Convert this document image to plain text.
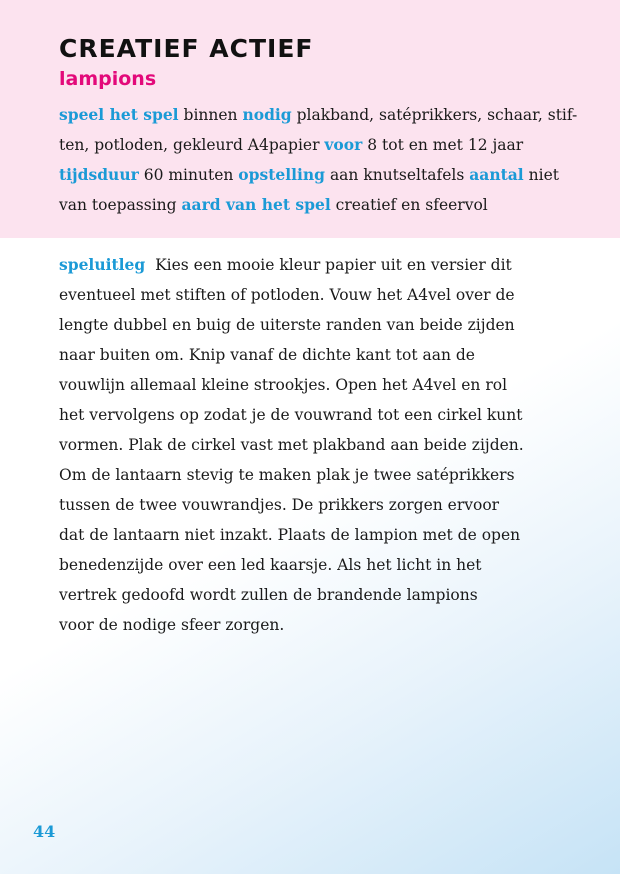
CREATIEF ACTIEF
lampions
speel het spel binnen nodig plakband, satéprikkers, schaar, stif-
ten, potloden, gekleurd A4papier voor 8 tot en met 12 jaar
tijdsduur 60 minuten opstelling aan knutseltafels aantal niet
van toepassing aard van het spel creatief en sfeervol
speluitleg Kies een mooie kleur papier uit en versier dit
eventueel met stiften of potloden. Vouw het A4vel over de
lengte dubbel en buig de uiterste randen van beide zijden
naar buiten om. Knip vanaf de dichte kant tot aan de
vouwlijn allemaal kleine strookjes. Open het A4vel en rol
het vervolgens op zodat je de vouwrand tot een cirkel kunt
vormen. Plak de cirkel vast met plakband aan beide zijden.
Om de lantaarn stevig te maken plak je twee satéprikkers
tussen de twee vouwrandjes. De prikkers zorgen ervoor
dat de lantaarn niet inzakt. Plaats de lampion met de open
benedenzijde over een led kaarsje. Als het licht in het
vertrek gedoofd wordt zullen de brandende lampions
voor de nodige sfeer zorgen.
44
